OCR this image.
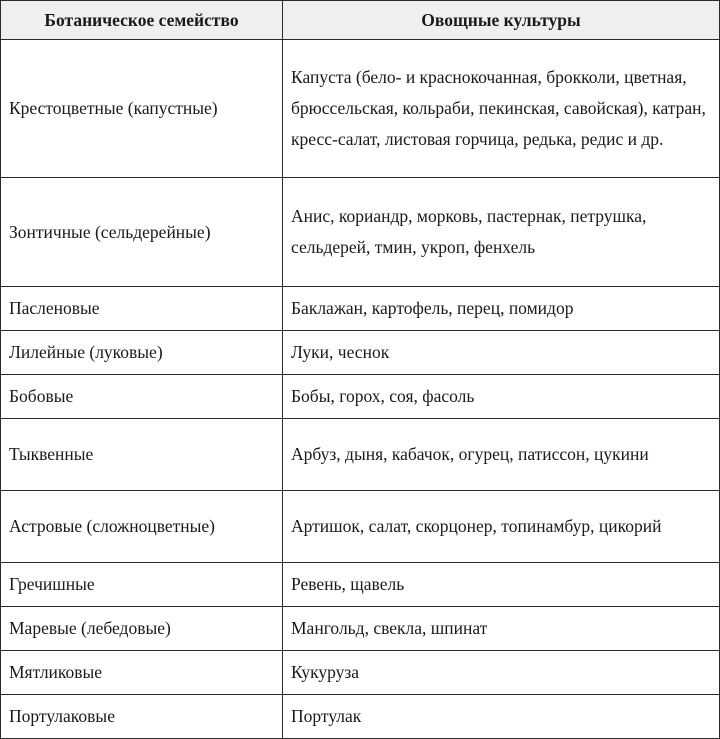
Ботаническое семейство	Овощные культуры
Крестоцветные (капустные)	Капуста (бело- и краснокочанная, брокколи, цветная, брюссельская, кольраби, пекинская, савойская), катран, кресс-салат, листовая горчица, редька, редис и др.
Зонтичные (сельдерейные)	Анис, кориандр, морковь, пастернак, петрушка, сельдерей, тмин, укроп, фенхель
Пасленовые	Баклажан, картофель, перец, помидор
Лилейные (луковые)	Луки, чеснок
Бобовые	Бобы, горох, соя, фасоль
Тыквенные	Арбуз, дыня, кабачок, огурец, патиссон, цукини
Астровые (сложноцветные)	Артишок, салат, скорцонер, топинамбур, цикорий
Гречишные	Ревень, щавель
Маревые (лебедовые)	Мангольд, свекла, шпинат
Мятликовые	Кукуруза
Портулаковые	Портулак
